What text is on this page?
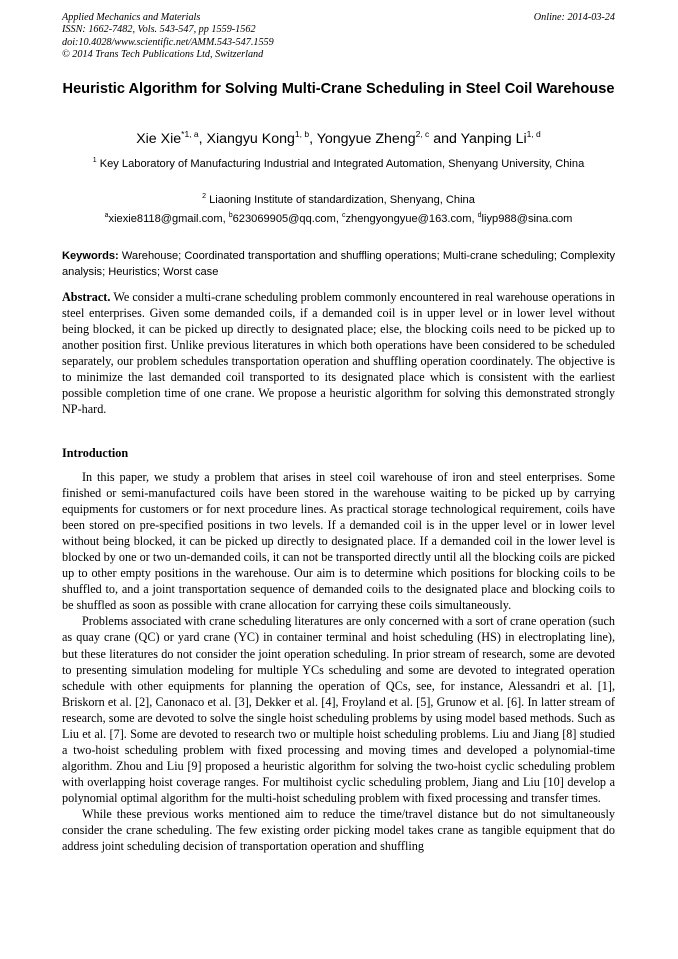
Applied Mechanics and Materials
ISSN: 1662-7482, Vols. 543-547, pp 1559-1562
doi:10.4028/www.scientific.net/AMM.543-547.1559
© 2014 Trans Tech Publications Ltd, Switzerland
Online: 2014-03-24
Heuristic Algorithm for Solving Multi-Crane Scheduling in Steel Coil Warehouse
Xie Xie$^{*1, a}$, Xiangyu Kong$^{1, b}$, Yongyue Zheng$^{2, c}$ and Yanping Li$^{1, d}$
$^1$ Key Laboratory of Manufacturing Industrial and Integrated Automation, Shenyang University, China
$^2$ Liaoning Institute of standardization, Shenyang, China
$^a$xiexie8118@gmail.com, $^b$623069905@qq.com, $^c$zhengyongyue@163.com, $^d$liyp988@sina.com
Keywords: Warehouse; Coordinated transportation and shuffling operations; Multi-crane scheduling; Complexity analysis; Heuristics; Worst case
Abstract. We consider a multi-crane scheduling problem commonly encountered in real warehouse operations in steel enterprises. Given some demanded coils, if a demanded coil is in upper level or in lower level without being blocked, it can be picked up directly to designated place; else, the blocking coils need to be picked up to another position first. Unlike previous literatures in which both operations have been considered to be scheduled separately, our problem schedules transportation operation and shuffling operation coordinately. The objective is to minimize the last demanded coil transported to its designated place which is consistent with the earliest possible completion time of one crane. We propose a heuristic algorithm for solving this demonstrated strongly NP-hard.
Introduction

In this paper, we study a problem that arises in steel coil warehouse of iron and steel enterprises. Some finished or semi-manufactured coils have been stored in the warehouse waiting to be picked up by carrying equipments for customers or for next procedure lines. As practical storage technological requirement, coils have been stored on pre-specified positions in two levels. If a demanded coil is in the upper level or in lower level without being blocked, it can be picked up directly to designated place. If a demanded coil in the lower level is blocked by one or two un-demanded coils, it can not be transported directly until all the blocking coils are picked up to other empty positions in the warehouse. Our aim is to determine which positions for blocking coils to be shuffled to, and a joint transportation sequence of demanded coils to the designated place and blocking coils to be shuffled as soon as possible with crane allocation for carrying these coils simultaneously.

Problems associated with crane scheduling literatures are only concerned with a sort of crane operation (such as quay crane (QC) or yard crane (YC) in container terminal and hoist scheduling (HS) in electroplating line), but these literatures do not consider the joint operation scheduling. In prior stream of research, some are devoted to presenting simulation modeling for multiple YCs scheduling and some are devoted to integrated operation schedule with other equipments for planning the operation of QCs, see, for instance, Alessandri et al. [1], Briskorn et al. [2], Canonaco et al. [3], Dekker et al. [4], Froyland et al. [5], Grunow et al. [6]. In latter stream of research, some are devoted to solve the single hoist scheduling problems by using model based methods. Such as Liu et al. [7]. Some are devoted to research two or multiple hoist scheduling problems. Liu and Jiang [8] studied a two-hoist scheduling problem with fixed processing and moving times and developed a polynomial-time algorithm. Zhou and Liu [9] proposed a heuristic algorithm for solving the two-hoist cyclic scheduling problem with overlapping hoist coverage ranges. For multihoist cyclic scheduling problem, Jiang and Liu [10] develop a polynomial optimal algorithm for the multi-hoist scheduling problem with fixed processing and transfer times.

While these previous works mentioned aim to reduce the time/travel distance but do not simultaneously consider the crane scheduling. The few existing order picking model takes crane as tangible equipment that do address joint scheduling decision of transportation operation and shuffling
